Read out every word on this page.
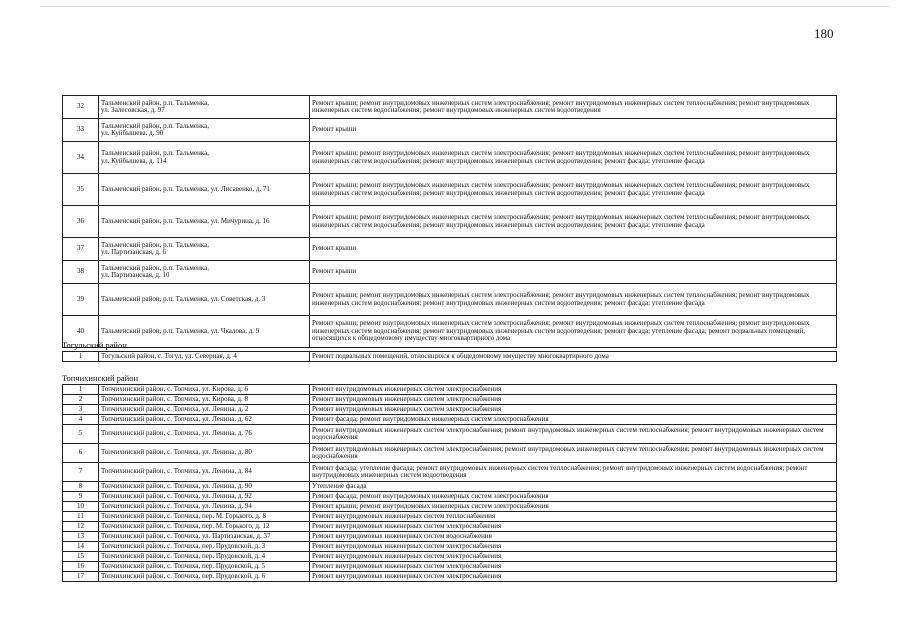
180
32	Тальменский район, р.п. Тальменка,
ул. Залесовская, д. 97	Ремонт крыши; ремонт внутридомовых инженерных систем электроснабжения; ремонт внутридомовых инженерных систем теплоснабжения; ремонт внутридомовых инженерных систем водоснабжения; ремонт внутридомовых инженерных систем водоотведения
33	Тальменский район, р.п. Тальменка,
ул. Куйбышева, д. 90	Ремонт крыши
34	Тальменский район, р.п. Тальменка,
ул. Куйбышева, д. 114	Ремонт крыши; ремонт внутридомовых инженерных систем электроснабжения; ремонт внутридомовых инженерных систем теплоснабжения; ремонт внутридомовых инженерных систем водоснабжения; ремонт внутридомовых инженерных систем водоотведения; ремонт фасада; утепление фасада
35	Тальменский район, р.п. Тальменка, ул. Лисавенко, д. 71	Ремонт крыши; ремонт внутридомовых инженерных систем электроснабжения; ремонт внутридомовых инженерных систем теплоснабжения; ремонт внутридомовых инженерных систем водоснабжения; ремонт внутридомовых инженерных систем водоотведения; ремонт фасада; утепление фасада
36	Тальменский район, р.п. Тальменка, ул. Мичурина, д. 16	Ремонт крыши; ремонт внутридомовых инженерных систем электроснабжения; ремонт внутридомовых инженерных систем теплоснабжения; ремонт внутридомовых инженерных систем водоснабжения; ремонт внутридомовых инженерных систем водоотведения; ремонт фасада; утепление фасада
37	Тальменский район, р.п. Тальменка,
ул. Партизанская, д. 6	Ремонт крыши
38	Тальменский район, р.п. Тальменка,
ул. Партизанская, д. 10	Ремонт крыши
39	Тальменский район, р.п. Тальменка, ул. Советская, д. 3	Ремонт крыши; ремонт внутридомовых инженерных систем электроснабжения; ремонт внутридомовых инженерных систем теплоснабжения; ремонт внутридомовых инженерных систем водоснабжения; ремонт внутридомовых инженерных систем водоотведения; ремонт фасада; утепление фасада
40	Тальменский район, р.п. Тальменка, ул. Чкалова, д. 9	Ремонт крыши; ремонт внутридомовых инженерных систем электроснабжения; ремонт внутридомовых инженерных систем теплоснабжения; ремонт внутридомовых инженерных систем водоснабжения; ремонт внутридомовых инженерных систем водоотведения; ремонт фасада; утепление фасада; ремонт подвальных помещений, относящихся к общедомовому имуществу многоквартирного дома
Тогульский район
1	Тогульский район, с. Тогул, ул. Северная, д. 4	Ремонт подвальных помещений, относящихся к общедомовому имуществу многоквартирного дома
Топчихинский район
1	Топчихинский район, с. Топчиха, ул. Кирова, д. 6	Ремонт внутридомовых инженерных систем электроснабжения
2	Топчихинский район, с. Топчиха, ул. Кирова, д. 8	Ремонт внутридомовых инженерных систем электроснабжения
3	Топчихинский район, с. Топчиха, ул. Ленина, д. 2	Ремонт внутридомовых инженерных систем электроснабжения
4	Топчихинский район, с. Топчиха, ул. Ленина, д. 62	Ремонт фасада; ремонт внутридомовых инженерных систем электроснабжения
5	Топчихинский район, с. Топчиха, ул. Ленина, д. 76	Ремонт внутридомовых инженерных систем электроснабжения; ремонт внутридомовых инженерных систем теплоснабжения; ремонт внутридомовых инженерных систем водоснабжения
6	Топчихинский район, с. Топчиха, ул. Ленина, д. 80	Ремонт внутридомовых инженерных систем электроснабжения; ремонт внутридомовых инженерных систем теплоснабжения; ремонт внутридомовых инженерных систем водоснабжения
7	Топчихинский район, с. Топчиха, ул. Ленина, д. 84	Ремонт фасада; утепление фасада; ремонт внутридомовых инженерных систем теплоснабжения; ремонт внутридомовых инженерных систем водоснабжения; ремонт внутридомовых инженерных систем водоотведения
8	Топчихинский район, с. Топчиха, ул. Ленина, д. 90	Утепление фасада
9	Топчихинский район, с. Топчиха, ул. Ленина, д. 92	Ремонт фасада; ремонт внутридомовых инженерных систем электроснабжения
10	Топчихинский район, с. Топчиха, ул. Ленина, д. 94	Ремонт крыши; ремонт внутридомовых инженерных систем электроснабжения
11	Топчихинский район, с. Топчиха, пер. М. Горького, д. 8	Ремонт внутридомовых инженерных систем теплоснабжения
12	Топчихинский район, с. Топчиха, пер. М. Горького, д. 12	Ремонт внутридомовых инженерных систем электроснабжения
13	Топчихинский район, с. Топчиха, ул. Партизанская, д. 37	Ремонт внутридомовых инженерных систем водоснабжения
14	Топчихинский район, с. Топчиха, пер. Прудовской, д. 3	Ремонт внутридомовых инженерных систем электроснабжения
15	Топчихинский район, с. Топчиха, пер. Прудовской, д. 4	Ремонт внутридомовых инженерных систем электроснабжения
16	Топчихинский район, с. Топчиха, пер. Прудовской, д. 5	Ремонт внутридомовых инженерных систем электроснабжения
17	Топчихинский район, с. Топчиха, пер. Прудовской, д. 6	Ремонт внутридомовых инженерных систем электроснабжения
